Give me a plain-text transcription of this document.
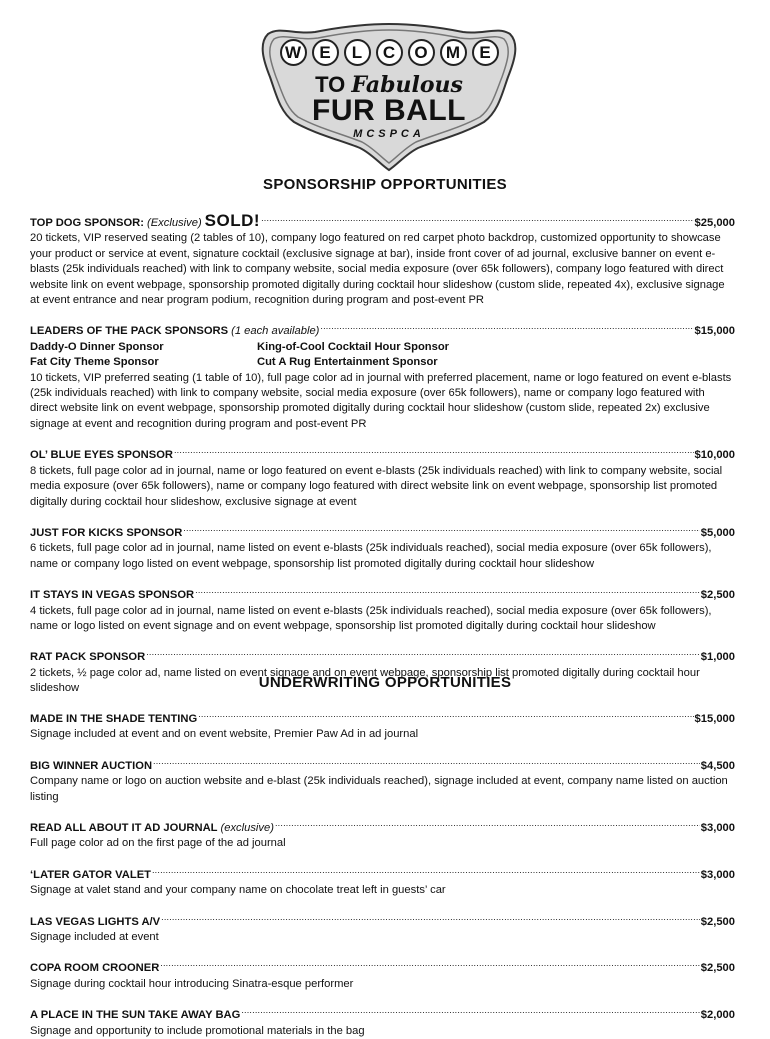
W	E	L	C	O	M	E
TO Fabulous
FUR BALL
MCSPCA
SPONSORSHIP OPPORTUNITIES
TOP DOG SPONSOR: (Exclusive) SOLD! .....	$25,000

20 tickets, VIP reserved seating (2 tables of 10), company logo featured on red carpet photo backdrop, customized opportunity to showcase your product or service at event, signature cocktail (exclusive signage at bar), inside front cover of ad journal, exclusive banner on event e-blasts (25k individuals reached) with link to company website, social media exposure (over 65k followers), company logo featured with direct website link on event webpage, sponsorship promoted digitally during cocktail hour slideshow (custom slide, repeated 4x), exclusive signage at event entrance and near program podium, recognition during program and post-event PR

LEADERS OF THE PACK SPONSORS (1 each available) .....	$15,000
Daddy-O Dinner Sponsor	King-of-Cool Cocktail Hour Sponsor
Fat City Theme Sponsor	Cut A Rug Entertainment Sponsor

10 tickets, VIP preferred seating (1 table of 10), full page color ad in journal with preferred placement, name or logo featured on event e-blasts (25k individuals reached) with link to company website, social media exposure (over 65k followers), name or company logo featured with direct website link on event webpage, sponsorship promoted digitally during cocktail hour slideshow (custom slide, repeated 2x) exclusive signage at event and recognition during program and post-event PR

OL’ BLUE EYES SPONSOR .....	$10,000

8 tickets, full page color ad in journal, name or logo featured on event e-blasts (25k individuals reached) with link to company website, social media exposure (over 65k followers), name or company logo featured with direct website link on event webpage, sponsorship list promoted digitally during cocktail hour slideshow, exclusive signage at event

JUST FOR KICKS SPONSOR .....	$5,000

6 tickets, full page color ad in journal, name listed on event e-blasts (25k individuals reached), social media exposure (over 65k followers), name or company logo listed on event webpage, sponsorship list promoted digitally during cocktail hour slideshow

IT STAYS IN VEGAS SPONSOR .....	$2,500

4 tickets, full page color ad in journal, name listed on event e-blasts (25k individuals reached), social media exposure (over 65k followers), name or logo listed on event signage and on event webpage, sponsorship list promoted digitally during cocktail hour slideshow

RAT PACK SPONSOR .....	$1,000

2 tickets, ½ page color ad, name listed on event signage and on event webpage, sponsorship list promoted digitally during cocktail hour slideshow	UNDERWRITING OPPORTUNITIES
MADE IN THE SHADE TENTING .....	$15,000

Signage included at event and on event website, Premier Paw Ad in ad journal

BIG WINNER AUCTION .....	$4,500

Company name or logo on auction website and e-blast (25k individuals reached), signage included at event, company name listed on auction listing

READ ALL ABOUT IT AD JOURNAL (exclusive) .....	$3,000

Full page color ad on the first page of the ad journal

‘LATER GATOR VALET .....	$3,000

Signage at valet stand and your company name on chocolate treat left in guests’ car

LAS VEGAS LIGHTS A/V .....	$2,500

Signage included at event

COPA ROOM CROONER .....	$2,500

Signage during cocktail hour introducing Sinatra-esque performer

A PLACE IN THE SUN TAKE AWAY BAG .....	$2,000

Signage and opportunity to include promotional materials in the bag
